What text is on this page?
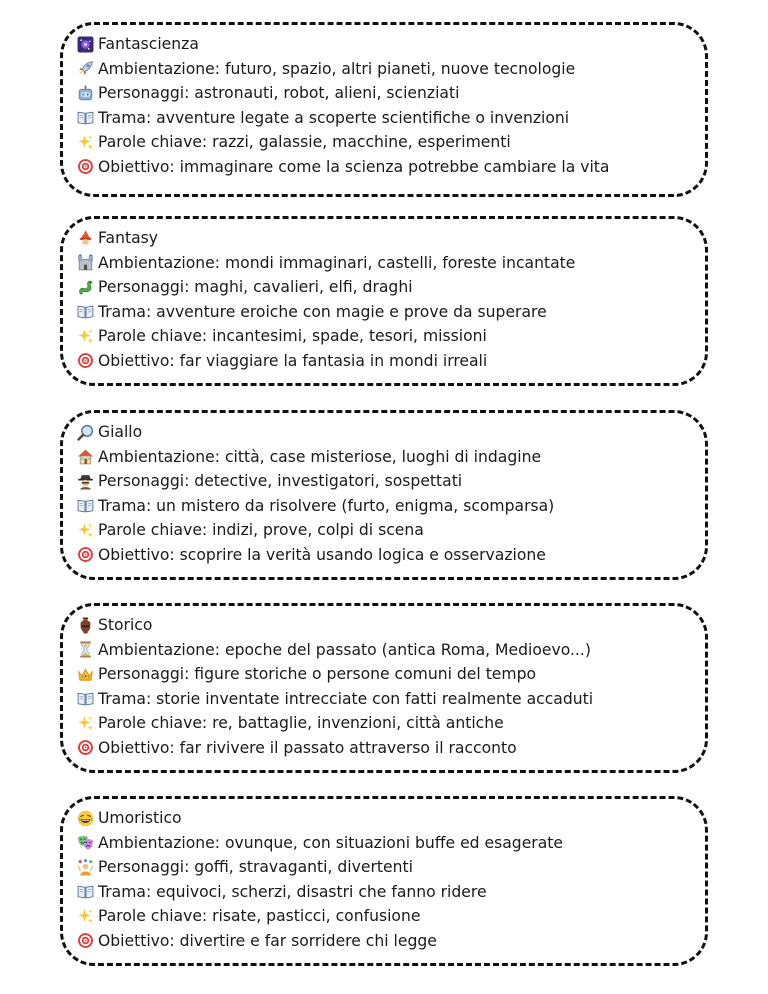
Fantascienza
Ambientazione: futuro, spazio, altri pianeti, nuove tecnologie
Personaggi: astronauti, robot, alieni, scienziati
Trama: avventure legate a scoperte scientifiche o invenzioni
Parole chiave: razzi, galassie, macchine, esperimenti
Obiettivo: immaginare come la scienza potrebbe cambiare la vita
Fantasy
Ambientazione: mondi immaginari, castelli, foreste incantate
Personaggi: maghi, cavalieri, elfi, draghi
Trama: avventure eroiche con magie e prove da superare
Parole chiave: incantesimi, spade, tesori, missioni
Obiettivo: far viaggiare la fantasia in mondi irreali
Giallo
Ambientazione: città, case misteriose, luoghi di indagine
Personaggi: detective, investigatori, sospettati
Trama: un mistero da risolvere (furto, enigma, scomparsa)
Parole chiave: indizi, prove, colpi di scena
Obiettivo: scoprire la verità usando logica e osservazione
Storico
Ambientazione: epoche del passato (antica Roma, Medioevo...)
Personaggi: figure storiche o persone comuni del tempo
Trama: storie inventate intrecciate con fatti realmente accaduti
Parole chiave: re, battaglie, invenzioni, città antiche
Obiettivo: far rivivere il passato attraverso il racconto
Umoristico
Ambientazione: ovunque, con situazioni buffe ed esagerate
Personaggi: goffi, stravaganti, divertenti
Trama: equivoci, scherzi, disastri che fanno ridere
Parole chiave: risate, pasticci, confusione
Obiettivo: divertire e far sorridere chi legge
